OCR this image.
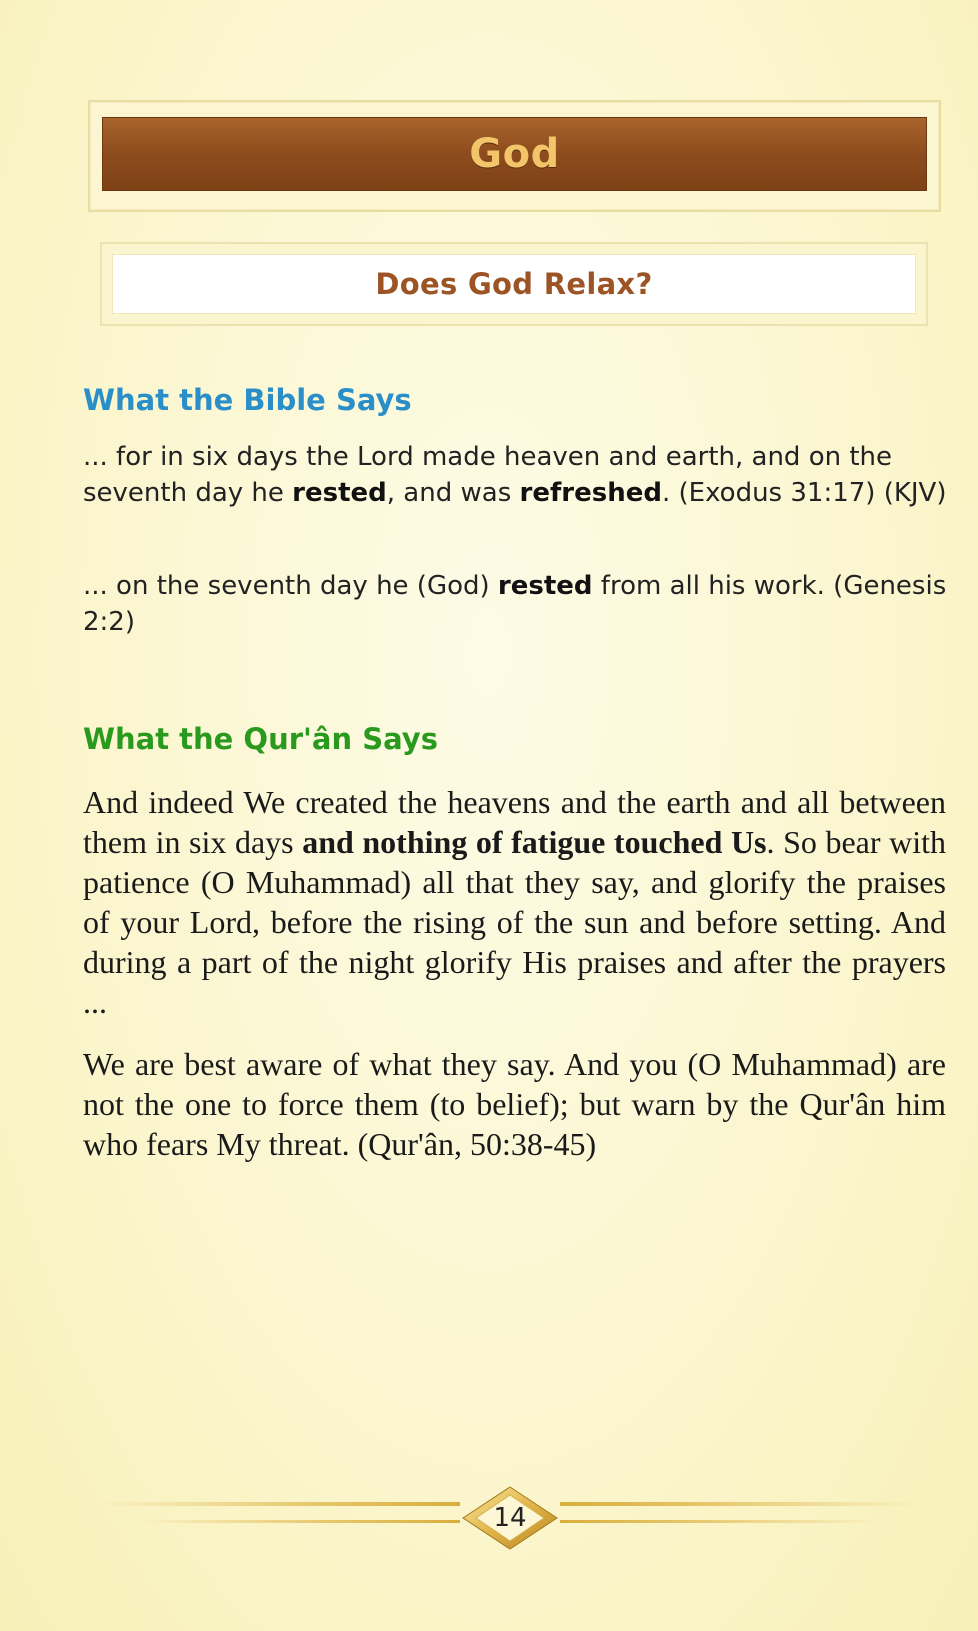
God
Does God Relax?
What the Bible Says

... for in six days the Lord made heaven and earth, and on the seventh day he rested, and was refreshed. (Exodus 31:17) (KJV)

... on the seventh day he (God) rested from all his work. (Genesis 2:2)

What the Qur'ân Says

And indeed We created the heavens and the earth and all between them in six days and nothing of fatigue touched Us. So bear with patience (O Muhammad) all that they say, and glorify the praises of your Lord, before the rising of the sun and before setting. And during a part of the night glorify His praises and after the prayers ...

We are best aware of what they say. And you (O Muhammad) are not the one to force them (to belief); but warn by the Qur'ân him who fears My threat. (Qur'ân, 50:38-45)

14
